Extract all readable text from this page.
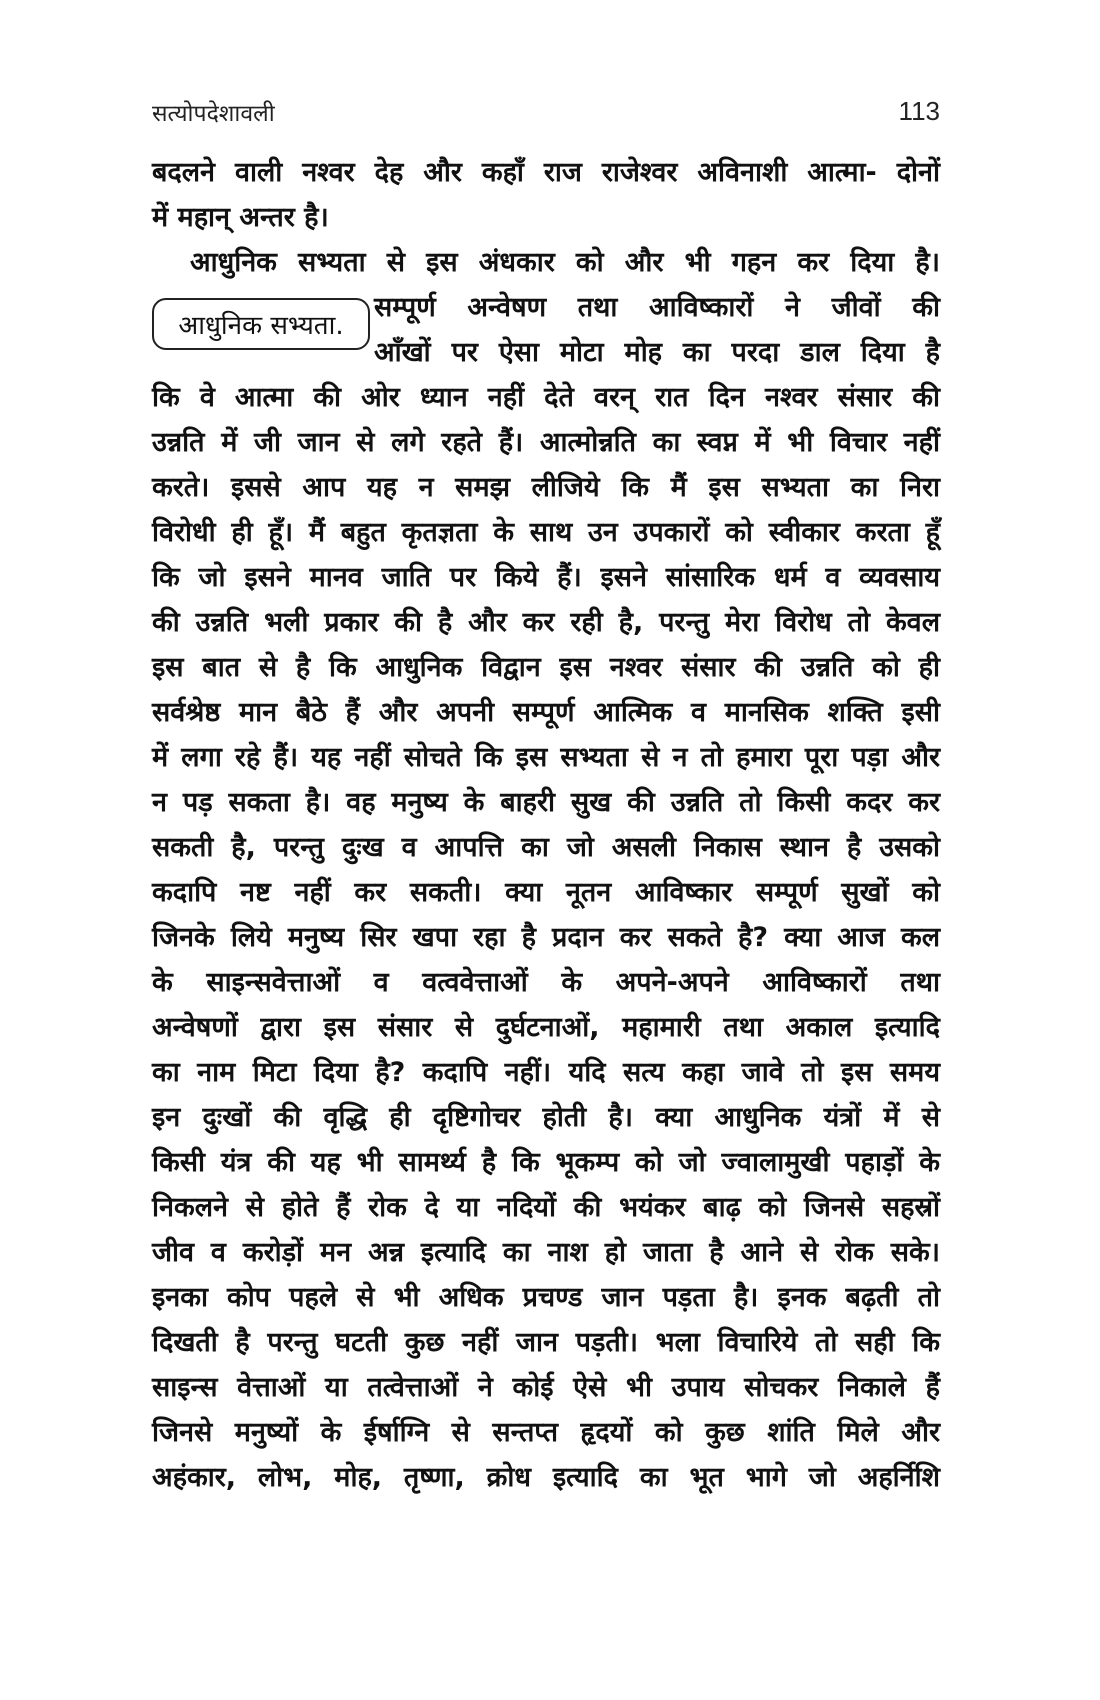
सत्योपदेशावली	113
आधुनिक सभ्यता.
बदलने वाली नश्वर देह और कहाँ राज राजेश्वर अविनाशी आत्मा- दोनों
में महान् अन्तर है।
आधुनिक सभ्यता से इस अंधकार को और भी गहन कर दिया है।
सम्पूर्ण अन्वेषण तथा आविष्कारों ने जीवों की
आँखों पर ऐसा मोटा मोह का परदा डाल दिया है
कि वे आत्मा की ओर ध्यान नहीं देते वरन् रात दिन नश्वर संसार की
उन्नति में जी जान से लगे रहते हैं। आत्मोन्नति का स्वप्न में भी विचार नहीं
करते। इससे आप यह न समझ लीजिये कि मैं इस सभ्यता का निरा
विरोधी ही हूँ। मैं बहुत कृतज्ञता के साथ उन उपकारों को स्वीकार करता हूँ
कि जो इसने मानव जाति पर किये हैं। इसने सांसारिक धर्म व व्यवसाय
की उन्नति भली प्रकार की है और कर रही है, परन्तु मेरा विरोध तो केवल
इस बात से है कि आधुनिक विद्वान इस नश्वर संसार की उन्नति को ही
सर्वश्रेष्ठ मान बैठे हैं और अपनी सम्पूर्ण आत्मिक व मानसिक शक्ति इसी
में लगा रहे हैं। यह नहीं सोचते कि इस सभ्यता से न तो हमारा पूरा पड़ा और
न पड़ सकता है। वह मनुष्य के बाहरी सुख की उन्नति तो किसी कदर कर
सकती है, परन्तु दुःख व आपत्ति का जो असली निकास स्थान है उसको
कदापि नष्ट नहीं कर सकती। क्या नूतन आविष्कार सम्पूर्ण सुखों को
जिनके लिये मनुष्य सिर खपा रहा है प्रदान कर सकते है? क्या आज कल
के साइन्सवेत्ताओं व वत्ववेत्ताओं के अपने-अपने आविष्कारों तथा
अन्वेषणों द्वारा इस संसार से दुर्घटनाओं, महामारी तथा अकाल इत्यादि
का नाम मिटा दिया है? कदापि नहीं। यदि सत्य कहा जावे तो इस समय
इन दुःखों की वृद्धि ही दृष्टिगोचर होती है। क्या आधुनिक यंत्रों में से
किसी यंत्र की यह भी सामर्थ्य है कि भूकम्प को जो ज्वालामुखी पहाड़ों के
निकलने से होते हैं रोक दे या नदियों की भयंकर बाढ़ को जिनसे सहस्रों
जीव व करोड़ों मन अन्न इत्यादि का नाश हो जाता है आने से रोक सके।
इनका कोप पहले से भी अधिक प्रचण्ड जान पड़ता है। इनक बढ़ती तो
दिखती है परन्तु घटती कुछ नहीं जान पड़ती। भला विचारिये तो सही कि
साइन्स वेत्ताओं या तत्वेत्ताओं ने कोई ऐसे भी उपाय सोचकर निकाले हैं
जिनसे मनुष्यों के ईर्षाग्नि से सन्तप्त हृदयों को कुछ शांति मिले और
अहंकार, लोभ, मोह, तृष्णा, क्रोध इत्यादि का भूत भागे जो अहर्निशि
